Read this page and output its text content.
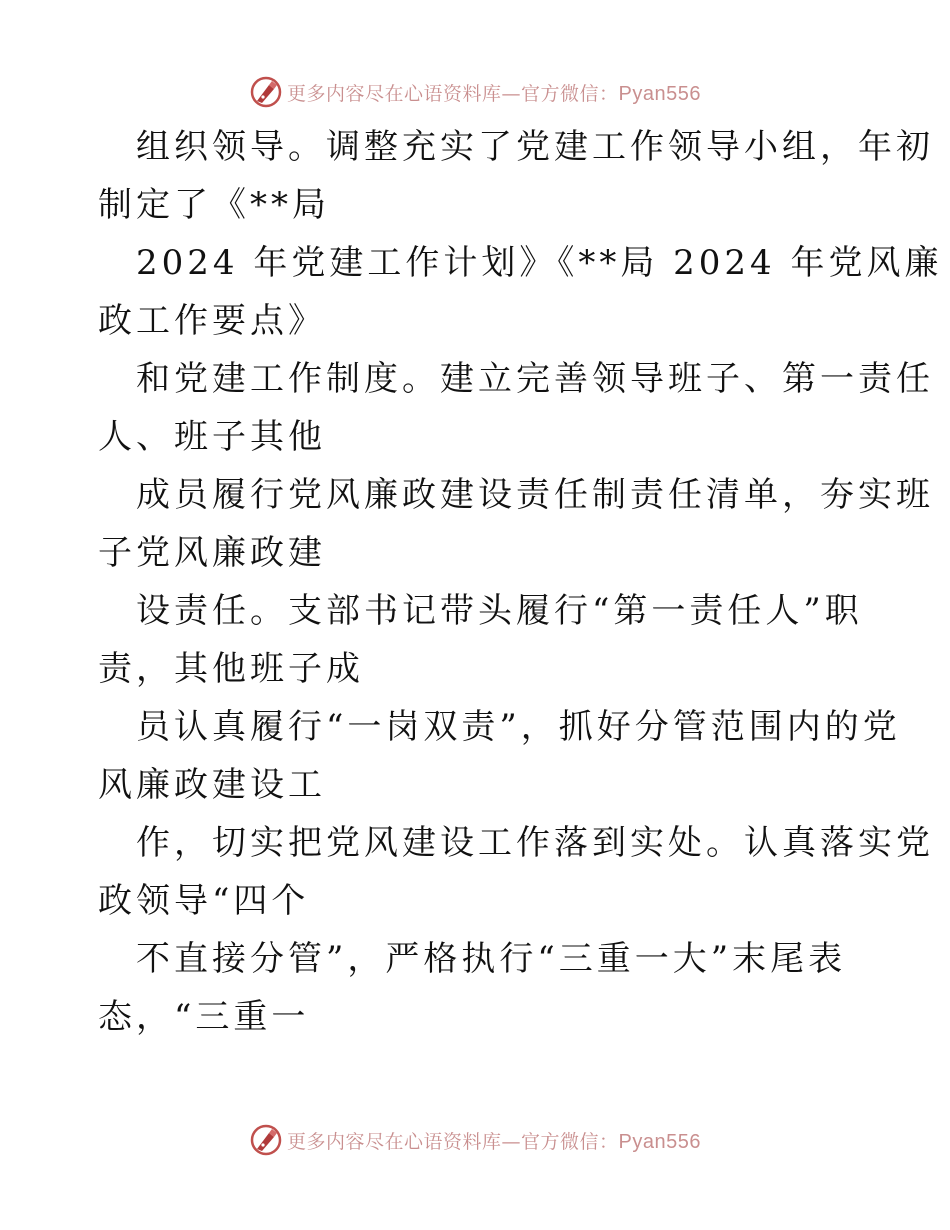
更多内容尽在心语资料库—官方微信：Pyan556

组织领导。调整充实了党建工作领导小组，年初
制定了《**局

2024 年党建工作计划》《**局 2024 年党风廉
政工作要点》

和党建工作制度。建立完善领导班子、第一责任
人、班子其他

成员履行党风廉政建设责任制责任清单，夯实班
子党风廉政建

设责任。支部书记带头履行“第一责任人”职
责，其他班子成

员认真履行“一岗双责”，抓好分管范围内的党
风廉政建设工

作，切实把党风建设工作落到实处。认真落实党
政领导“四个

不直接分管”，严格执行“三重一大”末尾表
态，“三重一

更多内容尽在心语资料库—官方微信：Pyan556
